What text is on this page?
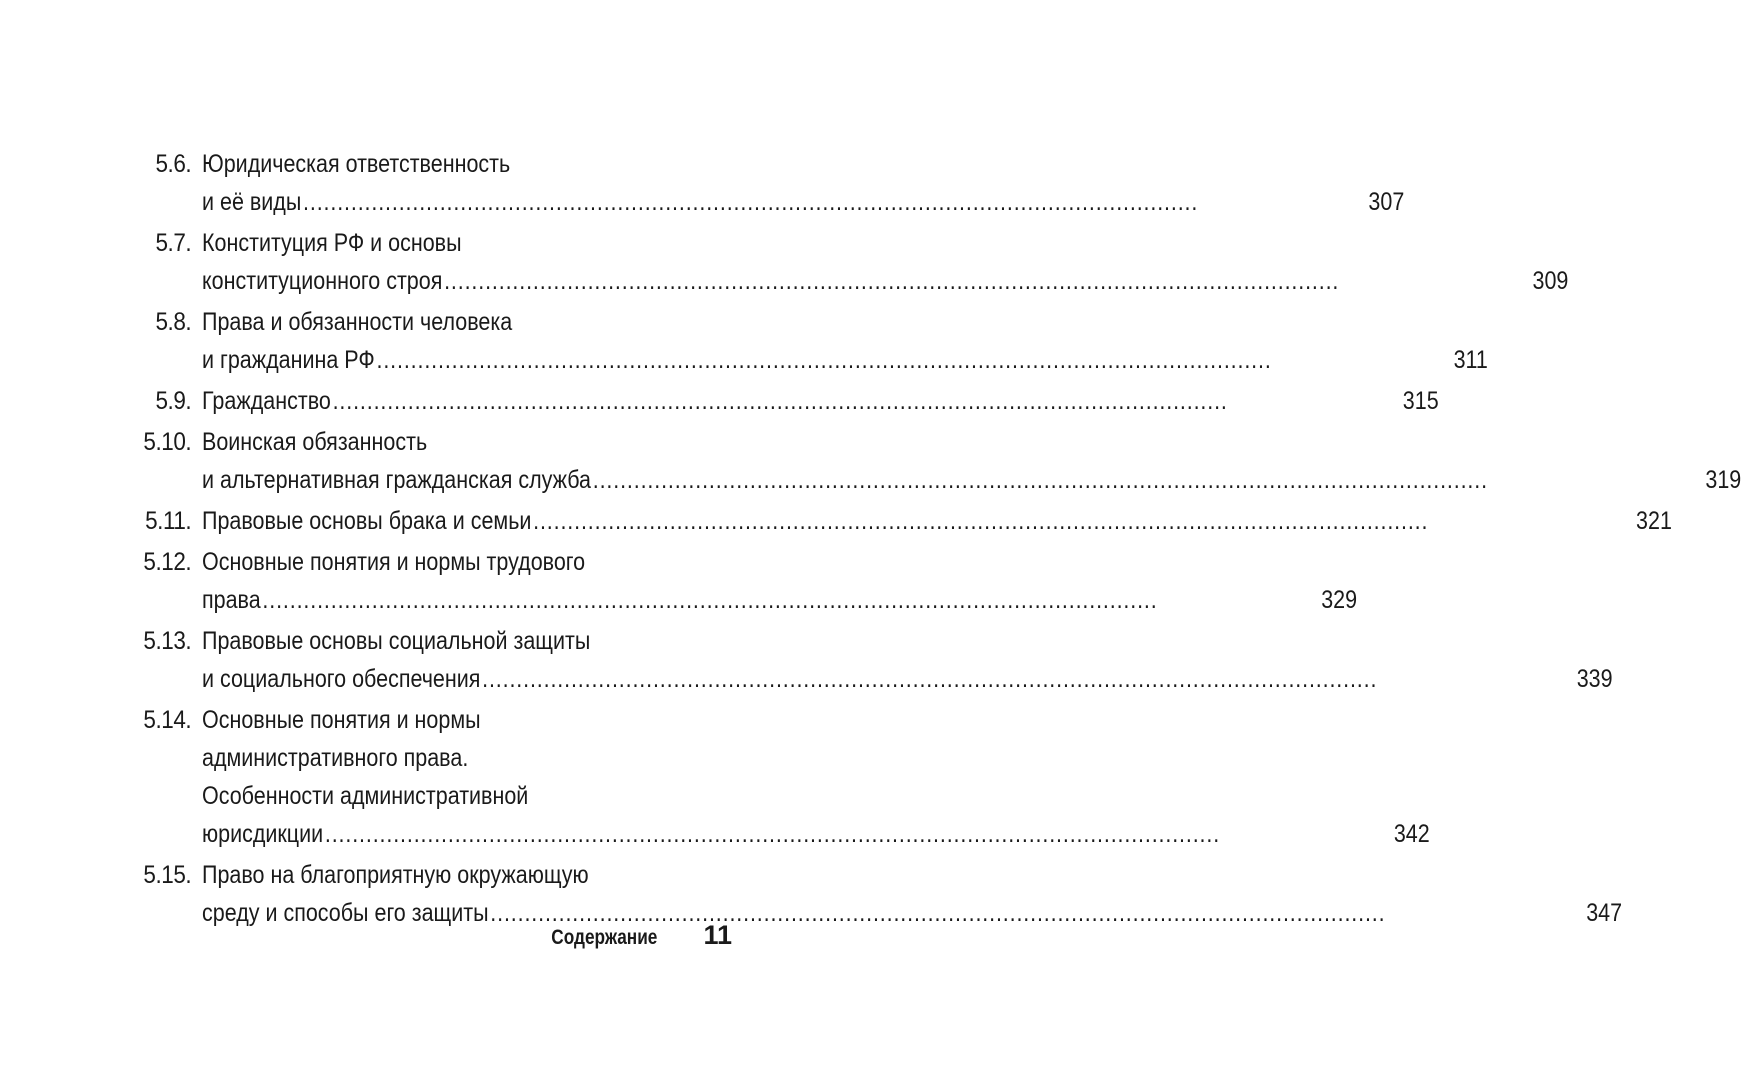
5.6. Юридическая ответственность
и её виды .....	307
5.7. Конституция РФ и основы
конституционного строя .....	309
5.8. Права и обязанности человека
и гражданина РФ .....	311
5.9. Гражданство .....	315
5.10. Воинская обязанность
и альтернативная гражданская служба .....	319
5.11. Правовые основы брака и семьи .....	321
5.12. Основные понятия и нормы трудового
права .....	329
5.13. Правовые основы социальной защиты
и социального обеспечения .....	339
5.14. Основные понятия и нормы
административного права.
Особенности административной
юрисдикции .....	342
5.15. Право на благоприятную окружающую
среду и способы его защиты .....	347
Содержание 11
